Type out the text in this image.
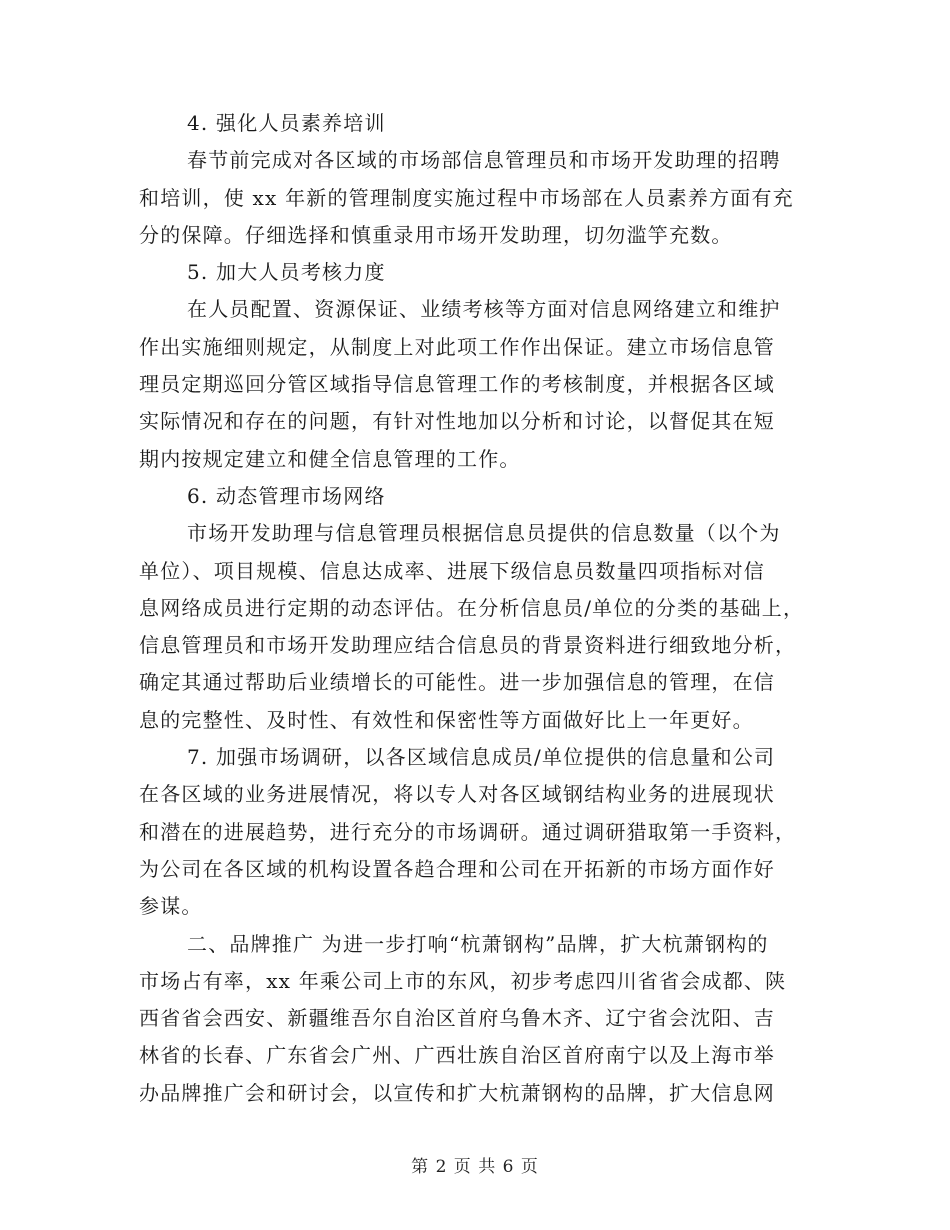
4. 强化人员素养培训
春节前完成对各区域的市场部信息管理员和市场开发助理的招聘
和培训，使 xx 年新的管理制度实施过程中市场部在人员素养方面有充
分的保障。仔细选择和慎重录用市场开发助理，切勿滥竽充数。
5. 加大人员考核力度
在人员配置、资源保证、业绩考核等方面对信息网络建立和维护
作出实施细则规定，从制度上对此项工作作出保证。建立市场信息管
理员定期巡回分管区域指导信息管理工作的考核制度，并根据各区域
实际情况和存在的问题，有针对性地加以分析和讨论，以督促其在短
期内按规定建立和健全信息管理的工作。
6. 动态管理市场网络
市场开发助理与信息管理员根据信息员提供的信息数量（以个为
单位）、项目规模、信息达成率、进展下级信息员数量四项指标对信
息网络成员进行定期的动态评估。在分析信息员/单位的分类的基础上，
信息管理员和市场开发助理应结合信息员的背景资料进行细致地分析，
确定其通过帮助后业绩增长的可能性。进一步加强信息的管理，在信
息的完整性、及时性、有效性和保密性等方面做好比上一年更好。
7. 加强市场调研，以各区域信息成员/单位提供的信息量和公司
在各区域的业务进展情况，将以专人对各区域钢结构业务的进展现状
和潜在的进展趋势，进行充分的市场调研。通过调研猎取第一手资料，
为公司在各区域的机构设置各趋合理和公司在开拓新的市场方面作好
参谋。
二、品牌推广 为进一步打响“杭萧钢构”品牌，扩大杭萧钢构的
市场占有率，xx 年乘公司上市的东风，初步考虑四川省省会成都、陕
西省省会西安、新疆维吾尔自治区首府乌鲁木齐、辽宁省会沈阳、吉
林省的长春、广东省会广州、广西壮族自治区首府南宁以及上海市举
办品牌推广会和研讨会，以宣传和扩大杭萧钢构的品牌，扩大信息网
第 2 页 共 6 页
